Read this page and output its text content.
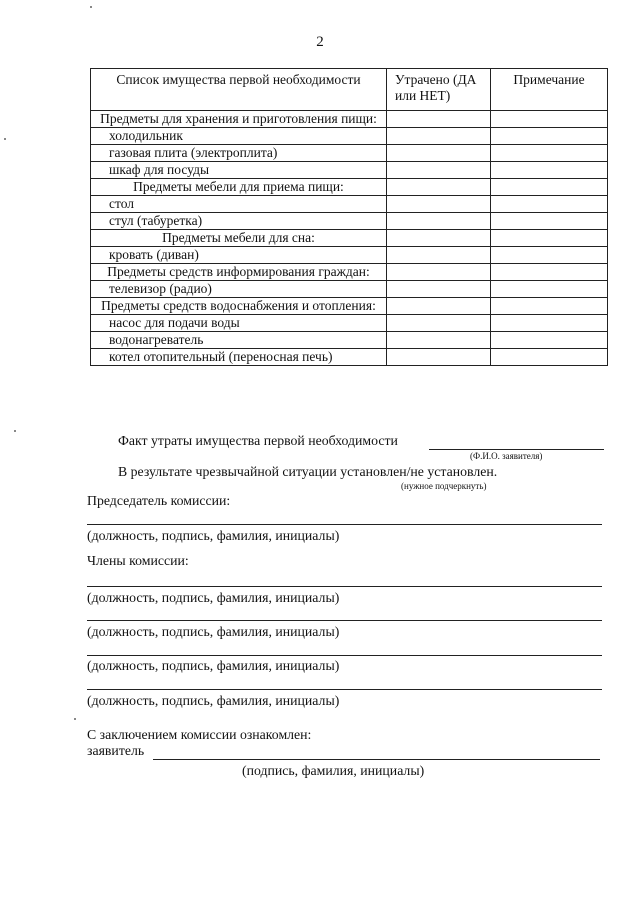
2
Список имущества первой необходимости	Утрачено (ДА или НЕТ)	Примечание
Предметы для хранения и приготовления пищи:		
холодильник		
газовая плита (электроплита)		
шкаф для посуды		
Предметы мебели для приема пищи:		
стол		
стул (табуретка)		
Предметы мебели для сна:		
кровать (диван)		
Предметы средств информирования граждан:		
телевизор (радио)		
Предметы средств водоснабжения и отопления:		
насос для подачи воды		
водонагреватель		
котел отопительный (переносная печь)		
Факт утраты имущества первой необходимости
(Ф.И.О. заявителя)
В результате чрезвычайной ситуации установлен/не установлен.
(нужное подчеркнуть)
Председатель комиссии:
(должность, подпись, фамилия, инициалы)
Члены комиссии:
(должность, подпись, фамилия, инициалы)
(должность, подпись, фамилия, инициалы)
(должность, подпись, фамилия, инициалы)
(должность, подпись, фамилия, инициалы)
С заключением комиссии ознакомлен:
заявитель
(подпись, фамилия, инициалы)
